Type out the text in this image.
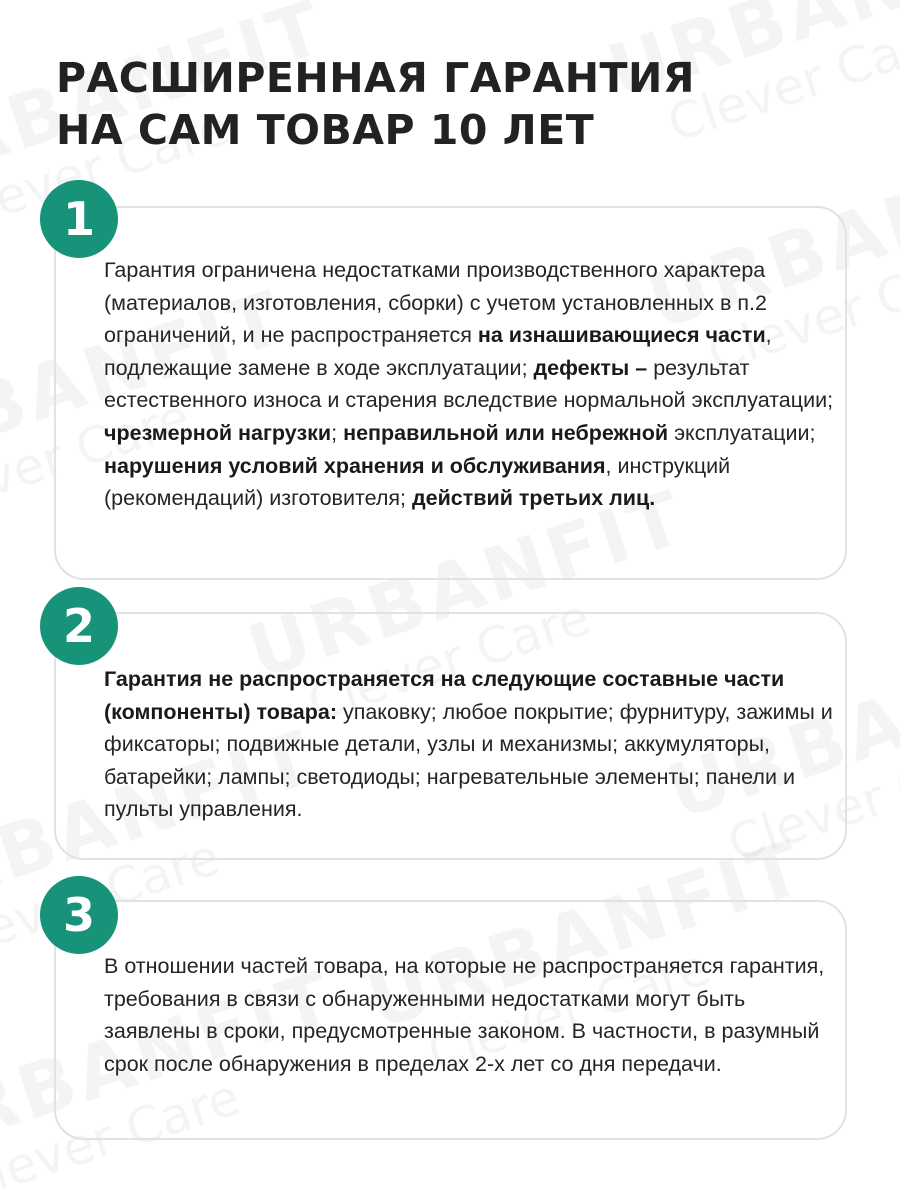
РАСШИРЕННАЯ ГАРАНТИЯ
НА САМ ТОВАР 10 ЛЕТ
1

Гарантия ограничена недостатками производственного характера (материалов, изготовления, сборки) с учетом установленных в п.2 ограничений, и не распространяется на изнашивающиеся части, подлежащие замене в ходе эксплуатации; дефекты – результат естественного износа и старения вследствие нормальной эксплуатации; чрезмерной нагрузки; неправильной или небрежной эксплуатации; нарушения условий хранения и обслуживания, инструкций (рекомендаций) изготовителя; действий третьих лиц.

2

Гарантия не распространяется на следующие составные части (компоненты) товара: упаковку; любое покрытие; фурнитуру, зажимы и фиксаторы; подвижные детали, узлы и механизмы; аккумуляторы, батарейки; лампы; светодиоды; нагревательные элементы; панели и пульты управления.

3

В отношении частей товара, на которые не распространяется гарантия, требования в связи с обнаруженными недостатками могут быть заявлены в сроки, предусмотренные законом. В частности, в разумный срок после обнаружения в пределах 2-х лет со дня передачи.
